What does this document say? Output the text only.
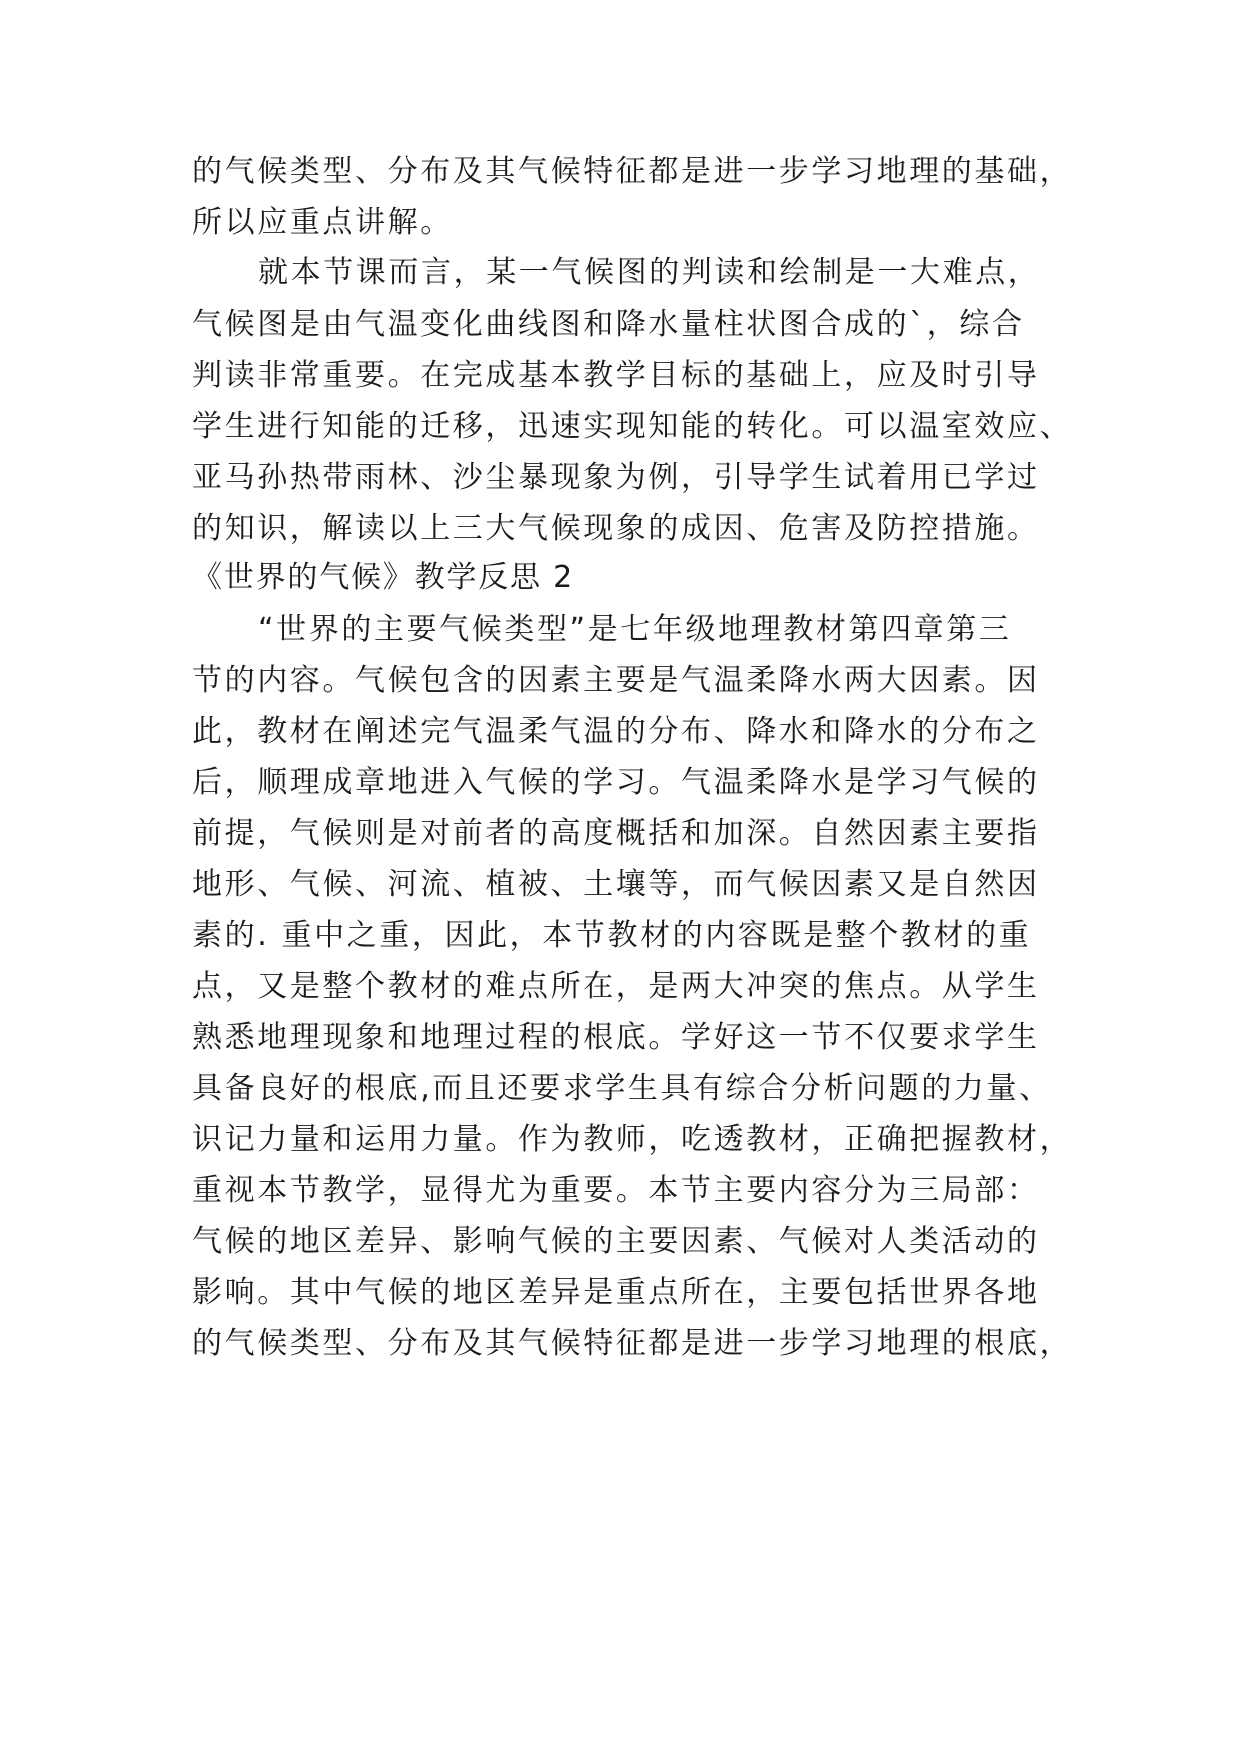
的气候类型、分布及其气候特征都是进一步学习地理的基础，
所以应重点讲解。
就本节课而言，某一气候图的判读和绘制是一大难点，
气候图是由气温变化曲线图和降水量柱状图合成的`，综合
判读非常重要。在完成基本教学目标的基础上，应及时引导
学生进行知能的迁移，迅速实现知能的转化。可以温室效应、
亚马孙热带雨林、沙尘暴现象为例，引导学生试着用已学过
的知识，解读以上三大气候现象的成因、危害及防控措施。
《世界的气候》教学反思 2
“世界的主要气候类型”是七年级地理教材第四章第三
节的内容。气候包含的因素主要是气温柔降水两大因素。因
此，教材在阐述完气温柔气温的分布、降水和降水的分布之
后，顺理成章地进入气候的学习。气温柔降水是学习气候的
前提，气候则是对前者的高度概括和加深。自然因素主要指
地形、气候、河流、植被、土壤等，而气候因素又是自然因
素的. 重中之重，因此，本节教材的内容既是整个教材的重
点，又是整个教材的难点所在，是两大冲突的焦点。从学生
熟悉地理现象和地理过程的根底。学好这一节不仅要求学生
具备良好的根底,而且还要求学生具有综合分析问题的力量、
识记力量和运用力量。作为教师，吃透教材，正确把握教材，
重视本节教学，显得尤为重要。本节主要内容分为三局部：
气候的地区差异、影响气候的主要因素、气候对人类活动的
影响。其中气候的地区差异是重点所在，主要包括世界各地
的气候类型、分布及其气候特征都是进一步学习地理的根底，
